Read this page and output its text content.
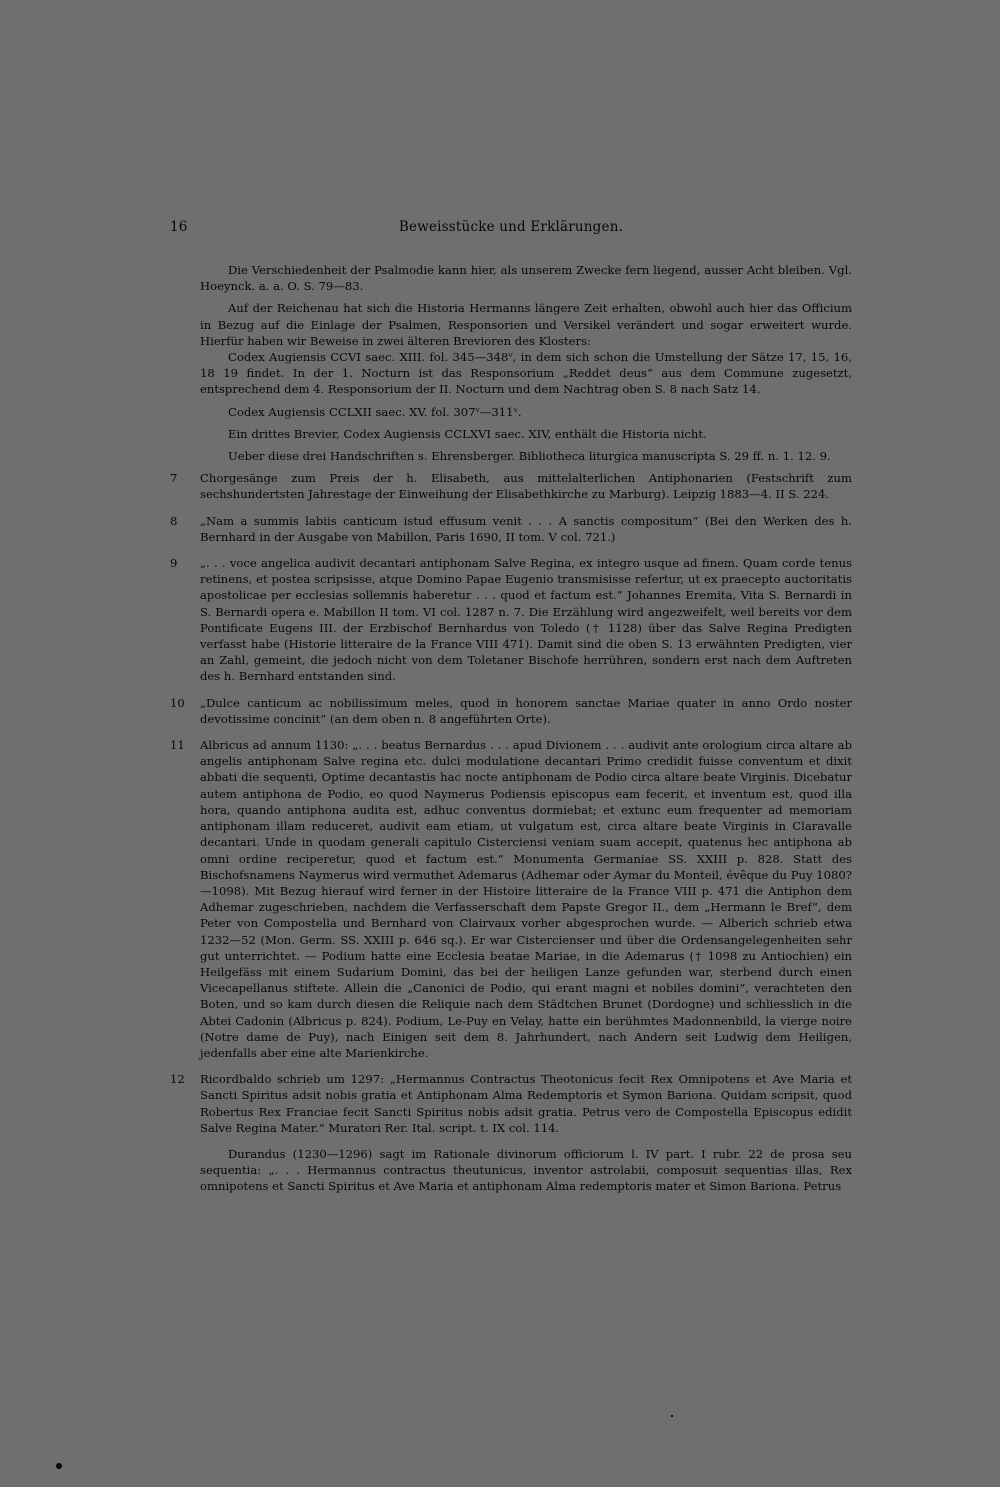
16	Beweisstücke und Erklärungen.

Die Verschiedenheit der Psalmodie kann hier, als unserem Zwecke fern liegend, ausser Acht bleiben. Vgl. Hoeynck. a. a. O. S. 79—83.

Auf der Reichenau hat sich die Historia Hermanns längere Zeit erhalten, obwohl auch hier das Officium in Bezug auf die Einlage der Psalmen, Responsorien und Versikel verändert und sogar erweitert wurde. Hierfür haben wir Beweise in zwei älteren Brevioren des Klosters:

Codex Augiensis CCVI saec. XIII. fol. 345—348ᵛ, in dem sich schon die Umstellung der Sätze 17, 15, 16, 18 19 findet. In der 1. Nocturn ist das Responsorium „Reddet deus“ aus dem Commune zugesetzt, entsprechend dem 4. Responsorium der II. Nocturn und dem Nachtrag oben S. 8 nach Satz 14.

Codex Augiensis CCLXII saec. XV. fol. 307ᵛ—311ᵛ.

Ein drittes Brevier, Codex Augiensis CCLXVI saec. XIV, enthält die Historia nicht.

Ueber diese drei Handschriften s. Ehrensberger. Bibliotheca liturgica manuscripta S. 29 ff. n. 1. 12. 9.

7	Chorgesänge zum Preis der h. Elisabeth, aus mittelalterlichen Antiphonarien (Festschrift zum sechshundertsten Jahrestage der Einweihung der Elisabethkirche zu Marburg). Leipzig 1883—4. II S. 224.
8	„Nam a summis labiis canticum istud effusum venit . . . A sanctis compositum“ (Bei den Werken des h. Bernhard in der Ausgabe von Mabillon, Paris 1690, II tom. V col. 721.)
9	„. . . voce angelica audivit decantari antiphonam Salve Regina, ex integro usque ad finem. Quam corde tenus retinens, et postea scripsisse, atque Domino Papae Eugenio transmisisse refertur, ut ex praecepto auctoritatis apostolicae per ecclesias sollemnis haberetur . . . quod et factum est.“ Johannes Eremita, Vita S. Bernardi in S. Bernardi opera e. Mabillon II tom. VI col. 1287 n. 7. Die Erzählung wird angezweifelt, weil bereits vor dem Pontificate Eugens III. der Erzbischof Bernhardus von Toledo († 1128) über das Salve Regina Predigten verfasst habe (Historie litteraire de la France VIII 471). Damit sind die oben S. 13 erwähnten Predigten, vier an Zahl, gemeint, die jedoch nicht von dem Toletaner Bischofe herrühren, sondern erst nach dem Auftreten des h. Bernhard entstanden sind.
10	„Dulce canticum ac nobilissimum meles, quod in honorem sanctae Mariae quater in anno Ordo noster devotissime concinit“ (an dem oben n. 8 angeführten Orte).
11	Albricus ad annum 1130: „. . . beatus Bernardus . . . apud Divionem . . . audivit ante orologium circa altare ab angelis antiphonam Salve regina etc. dulci modulatione decantari Primo credidit fuisse conventum et dixit abbati die sequenti, Optime decantastis hac nocte antiphonam de Podio circa altare beate Virginis. Dicebatur autem antiphona de Podio, eo quod Naymerus Podiensis episcopus eam fecerit, et inventum est, quod illa hora, quando antiphona audita est, adhuc conventus dormiebat; et extunc eum frequenter ad memoriam antiphonam illam reduceret, audivit eam etiam, ut vulgatum est, circa altare beate Virginis in Claravalle decantari. Unde in quodam generali capitulo Cisterciensi veniam suam accepit, quatenus hec antiphona ab omni ordine reciperetur, quod et factum est.“ Monumenta Germaniae SS. XXIII p. 828. Statt des Bischofsnamens Naymerus wird vermuthet Ademarus (Adhemar oder Aymar du Monteil, évêque du Puy 1080?—1098). Mit Bezug hierauf wird ferner in der Histoire litteraire de la France VIII p. 471 die Antiphon dem Adhemar zugeschrieben, nachdem die Verfasserschaft dem Papste Gregor II., dem „Hermann le Bref“, dem Peter von Compostella und Bernhard von Clairvaux vorher abgesprochen wurde. — Alberich schrieb etwa 1232—52 (Mon. Germ. SS. XXIII p. 646 sq.). Er war Cistercienser und über die Ordensangelegenheiten sehr gut unterrichtet. — Podium hatte eine Ecclesia beatae Mariae, in die Ademarus († 1098 zu Antiochien) ein Heilgefäss mit einem Sudarium Domini, das bei der heiligen Lanze gefunden war, sterbend durch einen Vicecapellanus stiftete. Allein die „Canonici de Podio, qui erant magni et nobiles domini“, verachteten den Boten, und so kam durch diesen die Reliquie nach dem Städtchen Brunet (Dordogne) und schliesslich in die Abtei Cadonin (Albricus p. 824). Podium, Le-Puy en Velay, hatte ein berühmtes Madonnenbild, la vierge noire (Notre dame de Puy), nach Einigen seit dem 8. Jahrhundert, nach Andern seit Ludwig dem Heiligen, jedenfalls aber eine alte Marienkirche.
12	Ricordbaldo schrieb um 1297: „Hermannus Contractus Theotonicus fecit Rex Omnipotens et Ave Maria et Sancti Spiritus adsit nobis gratia et Antiphonam Alma Redemptoris et Symon Bariona. Quidam scripsit, quod Robertus Rex Franciae fecit Sancti Spiritus nobis adsit gratia. Petrus vero de Compostella Episcopus edidit Salve Regina Mater.“ Muratori Rer. Ital. script. t. IX col. 114.

Durandus (1230—1296) sagt im Rationale divinorum officiorum l. IV part. I rubr. 22 de prosa seu sequentia: „. . . Hermannus contractus theutunicus, inventor astrolabii, composuit sequentias illas, Rex omnipotens et Sancti Spiritus et Ave Maria et antiphonam Alma redemptoris mater et Simon Bariona. Petrus
